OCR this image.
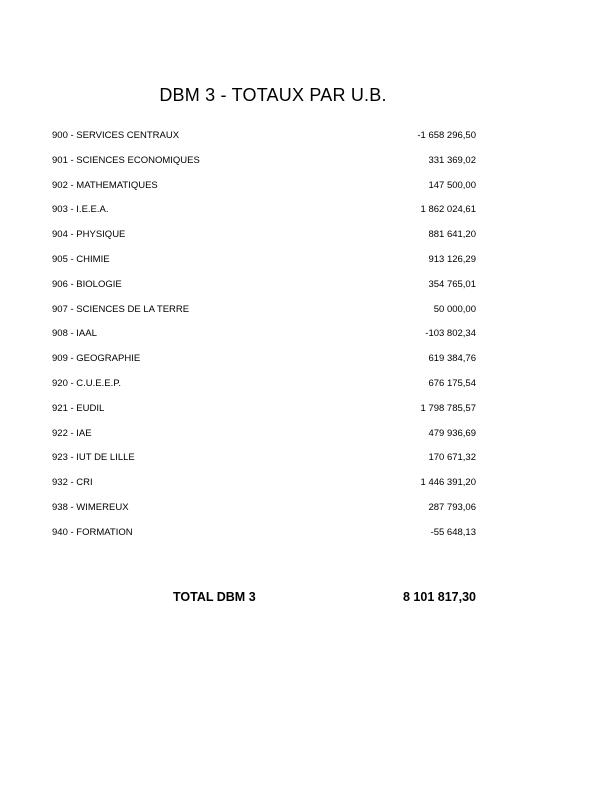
DBM 3 - TOTAUX PAR U.B.
900 - SERVICES CENTRAUX	-1 658 296,50
901 - SCIENCES ECONOMIQUES	331 369,02
902 - MATHEMATIQUES	147 500,00
903 - I.E.E.A.	1 862 024,61
904 - PHYSIQUE	881 641,20
905 - CHIMIE	913 126,29
906 - BIOLOGIE	354 765,01
907 - SCIENCES DE LA TERRE	50 000,00
908 - IAAL	-103 802,34
909 - GEOGRAPHIE	619 384,76
920 - C.U.E.E.P.	676 175,54
921 - EUDIL	1 798 785,57
922 - IAE	479 936,69
923 - IUT DE LILLE	170 671,32
932 - CRI	1 446 391,20
938 - WIMEREUX	287 793,06
940 - FORMATION	-55 648,13
TOTAL DBM 3	8 101 817,30
